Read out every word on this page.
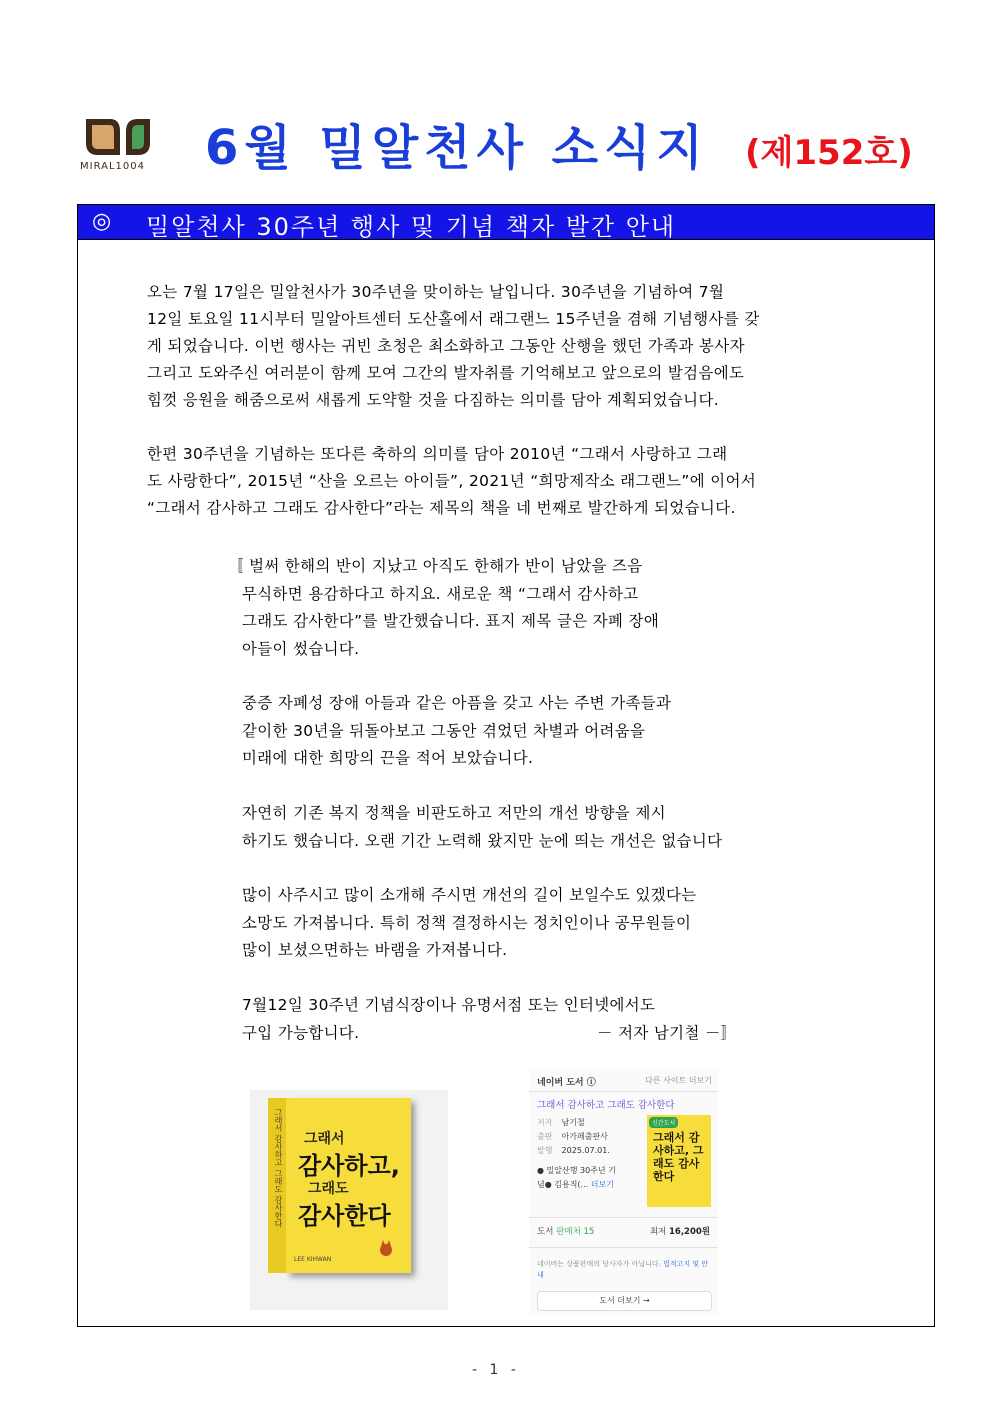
MIRAL1004 6월 밀알천사 소식지 (제152호)
◎ 밀알천사 30주년 행사 및 기념 책자 발간 안내
오는 7월 17일은 밀알천사가 30주년을 맞이하는 날입니다. 30주년을 기념하여 7월
12일 토요일 11시부터 밀알아트센터 도산홀에서 래그랜느 15주년을 겸해 기념행사를 갖
게 되었습니다. 이번 행사는 귀빈 초청은 최소화하고 그동안 산행을 했던 가족과 봉사자
그리고 도와주신 여러분이 함께 모여 그간의 발자취를 기억해보고 앞으로의 발검음에도
힘껏 응원을 해줌으로써 새롭게 도약할 것을 다짐하는 의미를 담아 계획되었습니다.
한편 30주년을 기념하는 또다른 축하의 의미를 담아 2010년 “그래서 사랑하고 그래
도 사랑한다”, 2015년 “산을 오르는 아이들”, 2021년 “희망제작소 래그랜느”에 이어서
“그래서 감사하고 그래도 감사한다”라는 제목의 책을 네 번째로 발간하게 되었습니다.
〚 벌써 한해의 반이 지났고 아직도 한해가 반이 남았을 즈음
무식하면 용감하다고 하지요. 새로운 책 “그래서 감사하고
그래도 감사한다”를 발간했습니다. 표지 제목 글은 자폐 장애
아들이 썼습니다.
중증 자폐성 장애 아들과 같은 아픔을 갖고 사는 주변 가족들과
같이한 30년을 뒤돌아보고 그동안 겪었던 차별과 어려움을
미래에 대한 희망의 끈을 적어 보았습니다.
자연히 기존 복지 정책을 비판도하고 저만의 개선 방향을 제시
하기도 했습니다. 오랜 기간 노력해 왔지만 눈에 띄는 개선은 없습니다
많이 사주시고 많이 소개해 주시면 개선의 길이 보일수도 있겠다는
소망도 가져봅니다. 특히 정책 결정하시는 정치인이나 공무원들이
많이 보셨으면하는 바램을 가져봅니다.
7월12일 30주년 기념식장이나 유명서점 또는 인터넷에서도
구입 가능합니다.	－ 저자 남기철 －〛
그래서 감사하고 그래도 감사한다 그래서
감사하고,
그래도
감사한다
LEE KIHWAN
네이버 도서 ⓘ	다른 사이트 더보기
그래서 감사하고 그래도 감사한다
저자 남기철
출판 아가페출판사
발행 2025.07.01.
● 밀알산행 30주년 기
념● 김용직(... 더보기
신간도서
그래서 감사하고, 그래도 감사한다
도서 판매처 15	최저 16,200원
네이버는 상품판매의 당사자가 아닙니다. 법적고지 및 안내
도서 더보기 →
- 1 -
